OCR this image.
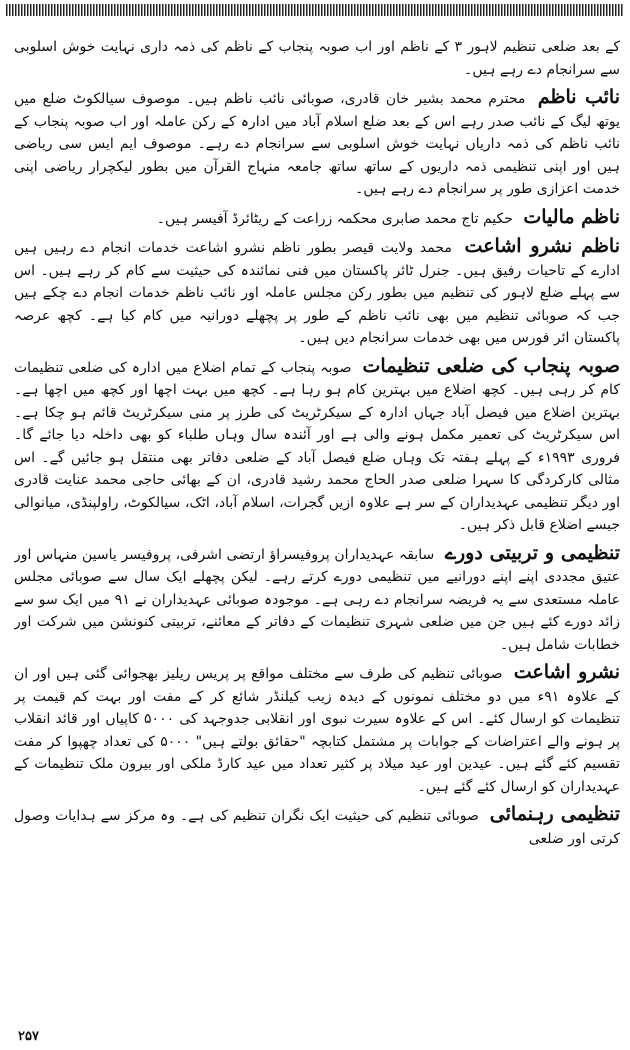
کے بعد ضلعی تنظیم لاہور ۳ کے ناظم اور اب صوبہ پنجاب کے ناظم کی ذمہ داری نہایت خوش اسلوبی سے سرانجام دے رہے ہیں۔

نائب ناظم محترم محمد بشیر خان قادری، صوبائی نائب ناظم ہیں۔ موصوف سیالکوٹ ضلع میں یوتھ لیگ کے نائب صدر رہے اس کے بعد ضلع اسلام آباد میں ادارہ کے رکن عاملہ اور اب صوبہ پنجاب کے نائب ناظم کی ذمہ داریاں نہایت خوش اسلوبی سے سرانجام دے رہے۔ موصوف ایم ایس سی ریاضی ہیں اور اپنی تنظیمی ذمہ داریوں کے ساتھ ساتھ جامعہ منہاج القرآن میں بطور لیکچرار ریاضی اپنی خدمت اعزازی طور پر سرانجام دے رہے ہیں۔

ناظم مالیات حکیم تاج محمد صابری محکمہ زراعت کے ریٹائرڈ آفیسر ہیں۔

ناظم نشرو اشاعت محمد ولایت قیصر بطور ناظم نشرو اشاعت خدمات انجام دے رہیں ہیں ادارے کے تاحیات رفیق ہیں۔ جنرل ٹائر پاکستان میں فنی نمائندہ کی حیثیت سے کام کر رہے ہیں۔ اس سے پہلے ضلع لاہور کی تنظیم میں بطور رکن مجلس عاملہ اور نائب ناظم خدمات انجام دے چکے ہیں جب کہ صوبائی تنظیم میں بھی نائب ناظم کے طور پر پچھلے دورانیہ میں کام کیا ہے۔ کچھ عرصہ پاکستان ائر فورس میں بھی خدمات سرانجام دیں ہیں۔

صوبہ پنجاب کی ضلعی تنظیمات صوبہ پنجاب کے تمام اضلاع میں ادارہ کی ضلعی تنظیمات کام کر رہی ہیں۔ کچھ اضلاع میں بہترین کام ہو رہا ہے۔ کچھ میں بہت اچھا اور کچھ میں اچھا ہے۔ بہترین اضلاع میں فیصل آباد جہاں ادارہ کے سیکرٹریٹ کی طرز پر منی سیکرٹریٹ قائم ہو چکا ہے۔ اس سیکرٹریٹ کی تعمیر مکمل ہونے والی ہے اور آئندہ سال وہاں طلباء کو بھی داخلہ دیا جائے گا۔ فروری ۱۹۹۳ء کے پہلے ہفتہ تک وہاں ضلع فیصل آباد کے ضلعی دفاتر بھی منتقل ہو جائیں گے۔ اس مثالی کارکردگی کا سہرا ضلعی صدر الحاج محمد رشید قادری، ان کے بھائی حاجی محمد عنایت قادری اور دیگر تنظیمی عہدیداران کے سر ہے علاوہ ازیں گجرات، اسلام آباد، اٹک، سیالکوٹ، راولپنڈی، میانوالی جیسے اضلاع قابل ذکر ہیں۔

تنظیمی و تربیتی دورے سابقہ عہدیداران پروفیسراؤ ارتضی اشرفی، پروفیسر یاسین منہاس اور عتیق مجددی اپنے اپنے دورانیے میں تنظیمی دورے کرتے رہے۔ لیکن پچھلے ایک سال سے صوبائی مجلس عاملہ مستعدی سے یہ فریضہ سرانجام دے رہی ہے۔ موجودہ صوبائی عہدیداران نے ۹۱ میں ایک سو سے زائد دورے کئے ہیں جن میں ضلعی شہری تنظیمات کے دفاتر کے معائنے، تربیتی کنونشن میں شرکت اور خطابات شامل ہیں۔

نشرو اشاعت صوبائی تنظیم کی طرف سے مختلف مواقع پر پریس ریلیز بھجوائی گئی ہیں اور ان کے علاوہ ۹۱ء میں دو مختلف نمونوں کے دیدہ زیب کیلنڈر شائع کر کے مفت اور بہت کم قیمت پر تنظیمات کو ارسال کئے۔ اس کے علاوہ سیرت نبوی اور انقلابی جدوجہد کی ۵۰۰۰ کاپیاں اور قائد انقلاب پر ہونے والے اعتراضات کے جوابات پر مشتمل کتابچہ "حقائق بولتے ہیں" ۵۰۰۰ کی تعداد چھپوا کر مفت تقسیم کئے گئے ہیں۔ عیدین اور عید میلاد پر کثیر تعداد میں عید کارڈ ملکی اور بیرون ملک تنظیمات کے عہدیداران کو ارسال کئے گئے ہیں۔

تنظیمی رہنمائی صوبائی تنظیم کی حیثیت ایک نگران تنظیم کی ہے۔ وہ مرکز سے ہدایات وصول کرتی اور ضلعی

۲۵۷
